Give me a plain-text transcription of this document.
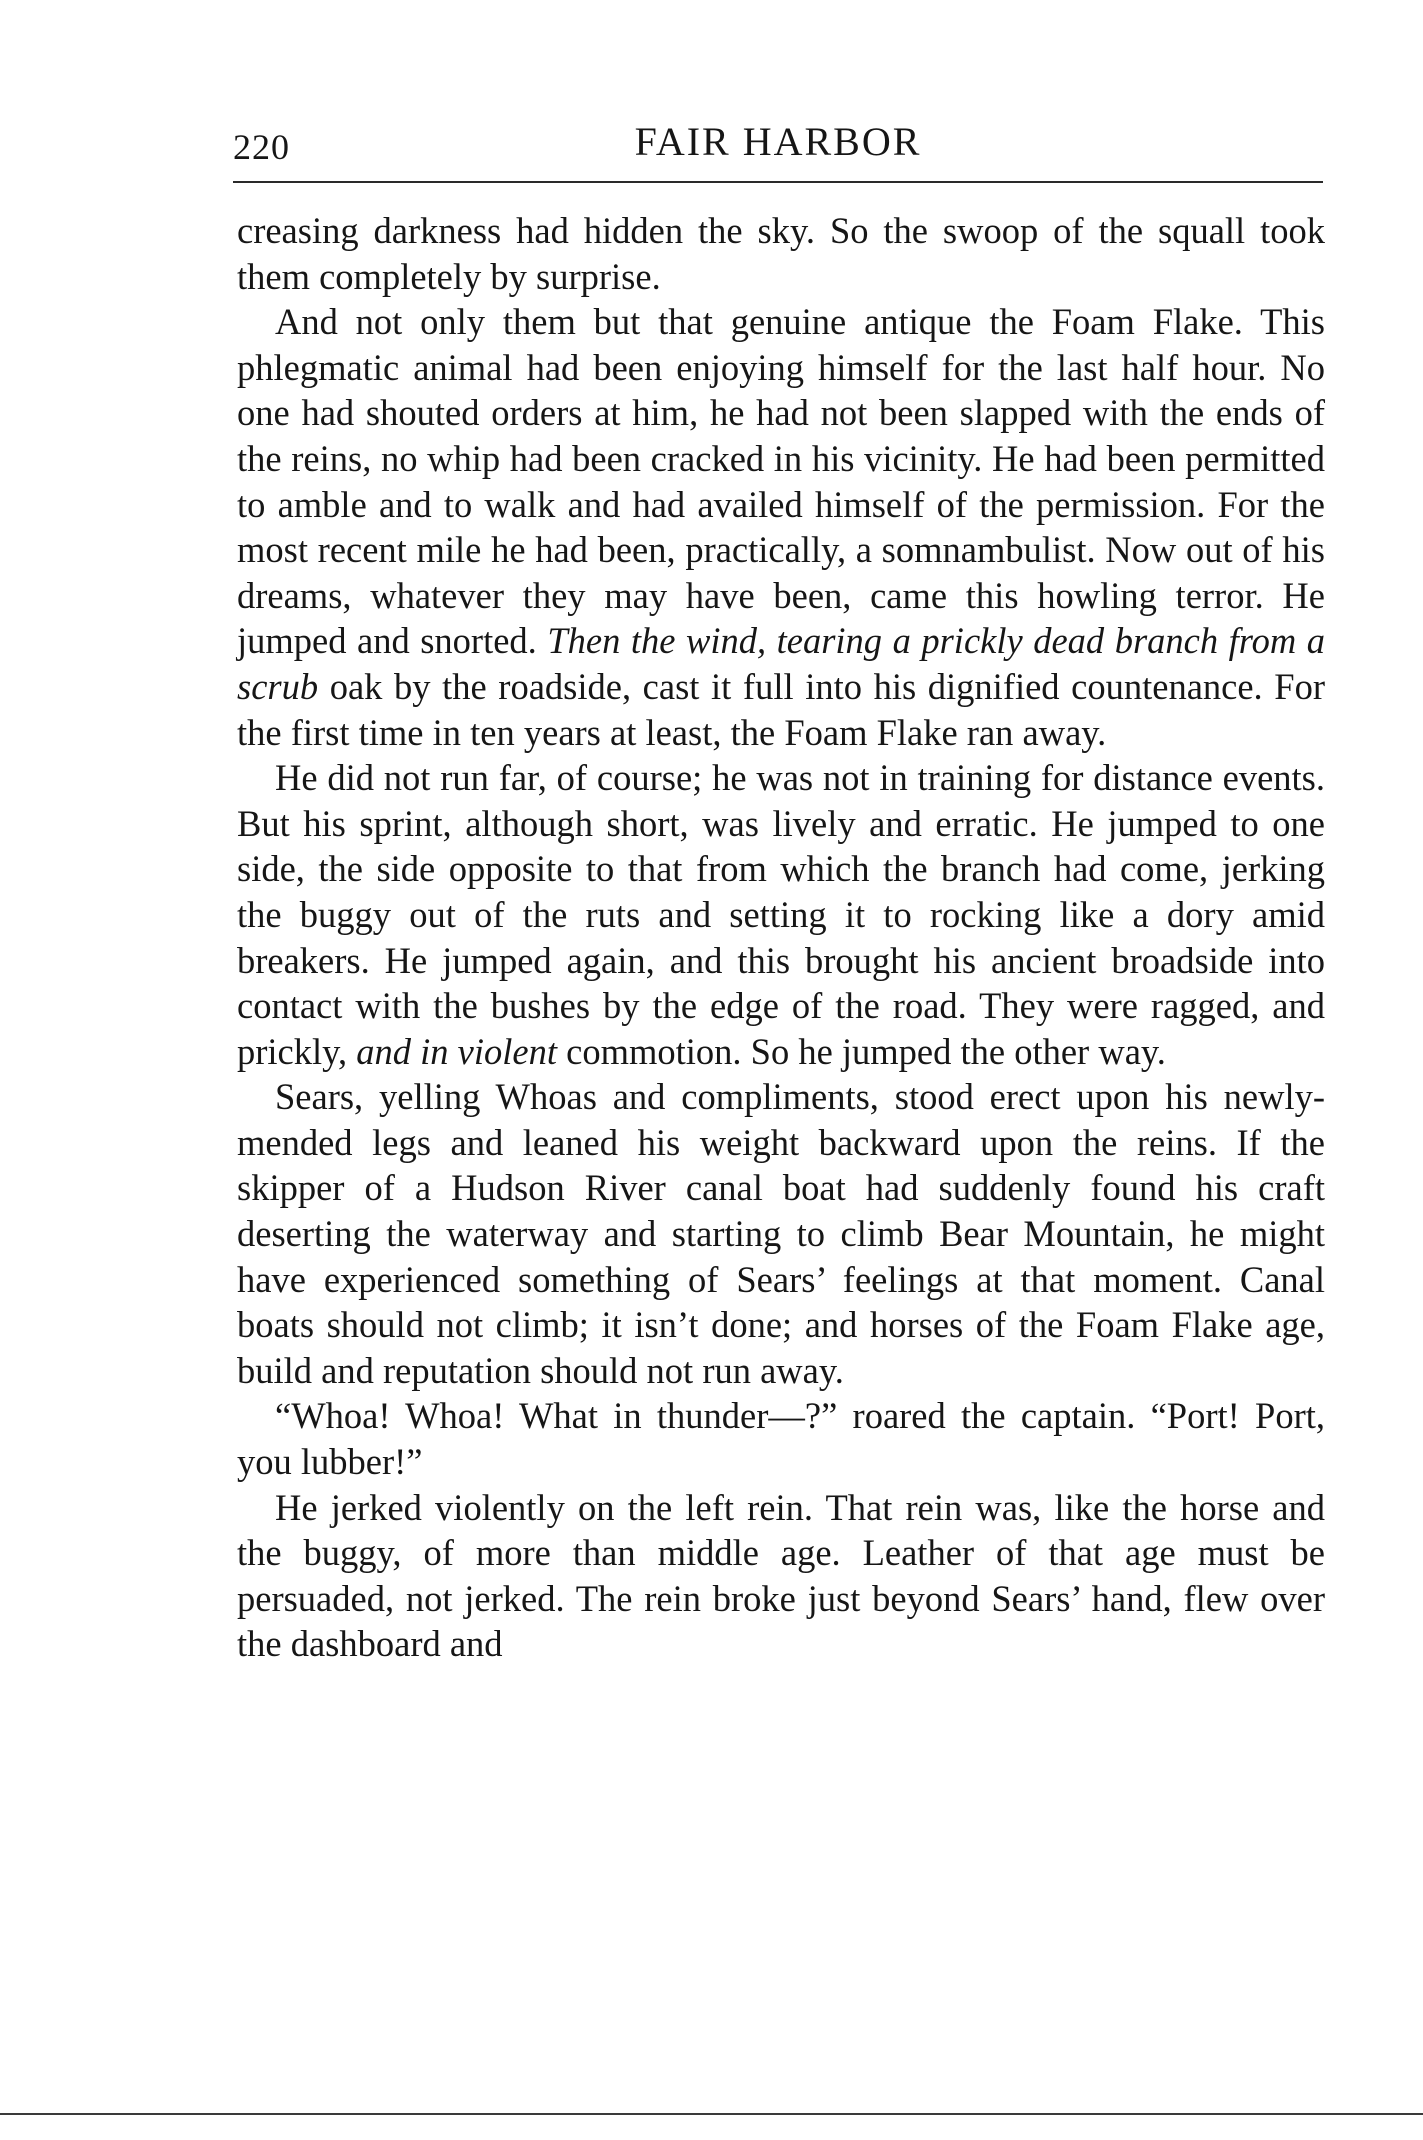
220	FAIR HARBOR

creasing darkness had hidden the sky. So the swoop of the squall took them completely by surprise.

And not only them but that genuine antique the Foam Flake. This phlegmatic animal had been enjoying himself for the last half hour. No one had shouted orders at him, he had not been slapped with the ends of the reins, no whip had been cracked in his vicinity. He had been permitted to amble and to walk and had availed himself of the permission. For the most recent mile he had been, practically, a somnambulist. Now out of his dreams, whatever they may have been, came this howling terror. He jumped and snorted. Then the wind, tearing a prickly dead branch from a scrub oak by the roadside, cast it full into his dignified countenance. For the first time in ten years at least, the Foam Flake ran away.

He did not run far, of course; he was not in training for distance events. But his sprint, although short, was lively and erratic. He jumped to one side, the side opposite to that from which the branch had come, jerking the buggy out of the ruts and setting it to rocking like a dory amid breakers. He jumped again, and this brought his ancient broadside into contact with the bushes by the edge of the road. They were ragged, and prickly, and in violent commotion. So he jumped the other way.

Sears, yelling Whoas and compliments, stood erect upon his newly-mended legs and leaned his weight backward upon the reins. If the skipper of a Hudson River canal boat had suddenly found his craft deserting the waterway and starting to climb Bear Mountain, he might have experienced something of Sears’ feelings at that moment. Canal boats should not climb; it isn’t done; and horses of the Foam Flake age, build and reputation should not run away.

“Whoa! Whoa! What in thunder—?” roared the captain. “Port! Port, you lubber!”

He jerked violently on the left rein. That rein was, like the horse and the buggy, of more than middle age. Leather of that age must be persuaded, not jerked. The rein broke just beyond Sears’ hand, flew over the dashboard and
